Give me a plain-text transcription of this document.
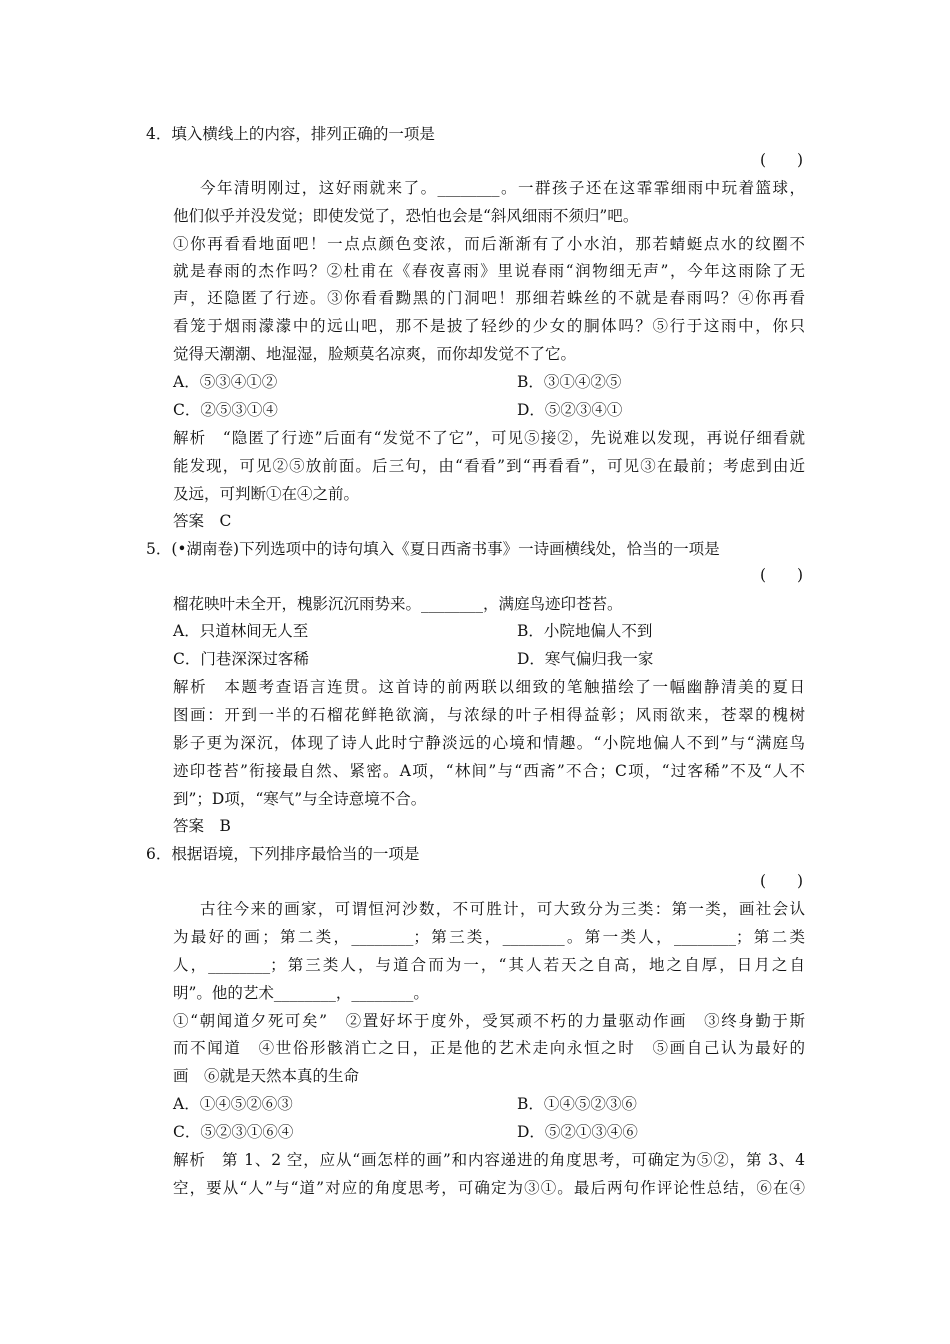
4．填入横线上的内容，排列正确的一项是
(　　)
今年清明刚过，这好雨就来了。________。一群孩子还在这霏霏细雨中玩着篮球，
他们似乎并没发觉；即使发觉了，恐怕也会是“斜风细雨不须归”吧。
①你再看看地面吧！一点点颜色变浓，而后渐渐有了小水泊，那若蜻蜓点水的纹圈不
就是春雨的杰作吗？②杜甫在《春夜喜雨》里说春雨“润物细无声”，今年这雨除了无
声，还隐匿了行迹。③你看看黝黑的门洞吧！那细若蛛丝的不就是春雨吗？④你再看
看笼于烟雨濛濛中的远山吧，那不是披了轻纱的少女的胴体吗？⑤行于这雨中，你只
觉得天潮潮、地湿湿，脸颊莫名凉爽，而你却发觉不了它。
A．⑤③④①②	B．③①④②⑤
C．②⑤③①④	D．⑤②③④①
解析　“隐匿了行迹”后面有“发觉不了它”，可见⑤接②，先说难以发现，再说仔细看就
能发现，可见②⑤放前面。后三句，由“看看”到“再看看”，可见③在最前；考虑到由近
及远，可判断①在④之前。
答案　C
5．(•湖南卷)下列选项中的诗句填入《夏日西斋书事》一诗画横线处，恰当的一项是
(　　)
榴花映叶未全开，槐影沉沉雨势来。________，满庭鸟迹印苍苔。
A．只道林间无人至	B．小院地偏人不到
C．门巷深深过客稀	D．寒气偏归我一家
解析　本题考查语言连贯。这首诗的前两联以细致的笔触描绘了一幅幽静清美的夏日
图画：开到一半的石榴花鲜艳欲滴，与浓绿的叶子相得益彰；风雨欲来，苍翠的槐树
影子更为深沉，体现了诗人此时宁静淡远的心境和情趣。“小院地偏人不到”与“满庭鸟
迹印苍苔”衔接最自然、紧密。A项，“林间”与“西斋”不合；C项，“过客稀”不及“人不
到”；D项，“寒气”与全诗意境不合。
答案　B
6．根据语境，下列排序最恰当的一项是
(　　)
古往今来的画家，可谓恒河沙数，不可胜计，可大致分为三类：第一类，画社会认
为最好的画；第二类，________；第三类，________。第一类人，________；第二类
人，________；第三类人，与道合而为一，“其人若天之自高，地之自厚，日月之自
明”。他的艺术________，________。
①“朝闻道夕死可矣”　②置好坏于度外，受冥顽不朽的力量驱动作画　③终身勤于斯
而不闻道　④世俗形骸消亡之日，正是他的艺术走向永恒之时　⑤画自己认为最好的
画　⑥就是天然本真的生命
A．①④⑤②⑥③	B．①④⑤②③⑥
C．⑤②③①⑥④	D．⑤②①③④⑥
解析　第 1、2 空，应从“画怎样的画”和内容递进的角度思考，可确定为⑤②，第 3、4
空，要从“人”与“道”对应的角度思考，可确定为③①。最后两句作评论性总结，⑥在④
